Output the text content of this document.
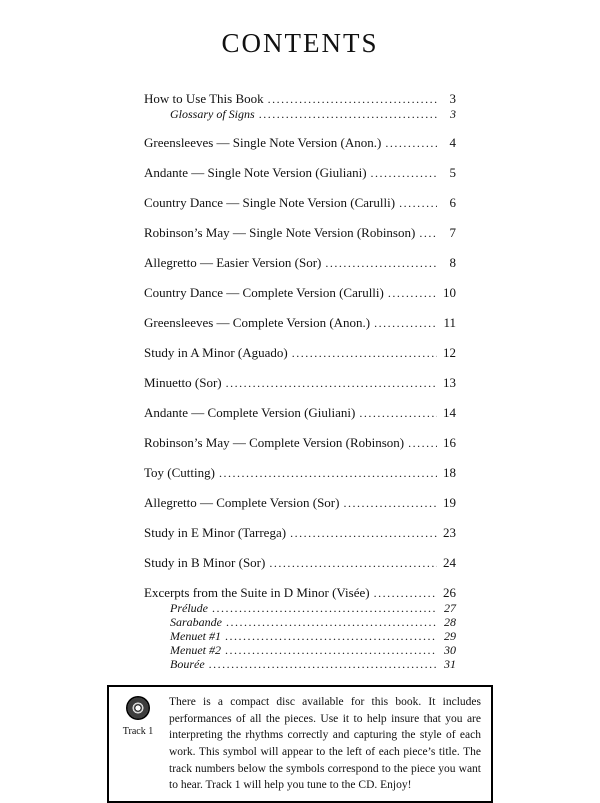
CONTENTS
How to Use This Book .....	3
Glossary of Signs .....	3
Greensleeves — Single Note Version (Anon.) .....	4
Andante — Single Note Version (Giuliani) .....	5
Country Dance — Single Note Version (Carulli) .....	6
Robinson’s May — Single Note Version (Robinson) .....	7
Allegretto — Easier Version (Sor) .....	8
Country Dance — Complete Version (Carulli) .....	10
Greensleeves — Complete Version (Anon.) .....	11
Study in A Minor (Aguado) .....	12
Minuetto (Sor) .....	13
Andante — Complete Version (Giuliani) .....	14
Robinson’s May — Complete Version (Robinson) .....	16
Toy (Cutting) .....	18
Allegretto — Complete Version (Sor) .....	19
Study in E Minor (Tarrega) .....	23
Study in B Minor (Sor) .....	24
Excerpts from the Suite in D Minor (Visée) .....	26
Prélude .....	27
Sarabande .....	28
Menuet #1 .....	29
Menuet #2 .....	30
Bourée .....	31
Track 1
There is a compact disc available for this book. It includes performances of all the pieces. Use it to help insure that you are interpreting the rhythms correctly and capturing the style of each work. This symbol will appear to the left of each piece’s title. The track numbers below the symbols correspond to the piece you want to hear. Track 1 will help you tune to the CD. Enjoy!
